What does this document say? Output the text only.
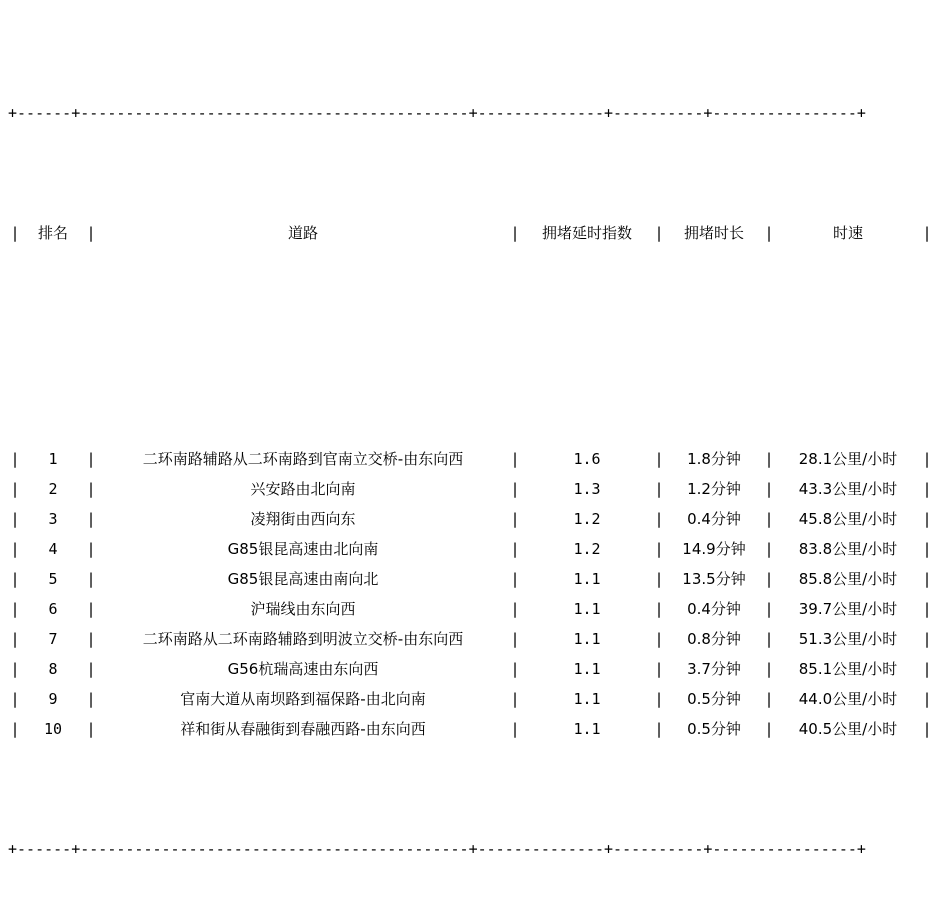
+------+-------------------------------------------+--------------+----------+----------------+

|	排名	|	道路	|	拥堵延时指数	|	拥堵时长	|	时速	|

|	1	|	二环南路辅路从二环南路到官南立交桥-由东向西	|	1.6	|	1.8分钟	|	28.1公里/小时	|
|	2	|	兴安路由北向南	|	1.3	|	1.2分钟	|	43.3公里/小时	|
|	3	|	凌翔街由西向东	|	1.2	|	0.4分钟	|	45.8公里/小时	|
|	4	|	G85银昆高速由北向南	|	1.2	|	14.9分钟	|	83.8公里/小时	|
|	5	|	G85银昆高速由南向北	|	1.1	|	13.5分钟	|	85.8公里/小时	|
|	6	|	沪瑞线由东向西	|	1.1	|	0.4分钟	|	39.7公里/小时	|
|	7	|	二环南路从二环南路辅路到明波立交桥-由东向西	|	1.1	|	0.8分钟	|	51.3公里/小时	|
|	8	|	G56杭瑞高速由东向西	|	1.1	|	3.7分钟	|	85.1公里/小时	|
|	9	|	官南大道从南坝路到福保路-由北向南	|	1.1	|	0.5分钟	|	44.0公里/小时	|
|	10	|	祥和街从春融街到春融西路-由东向西	|	1.1	|	0.5分钟	|	40.5公里/小时	|

+------+-------------------------------------------+--------------+----------+----------------+
